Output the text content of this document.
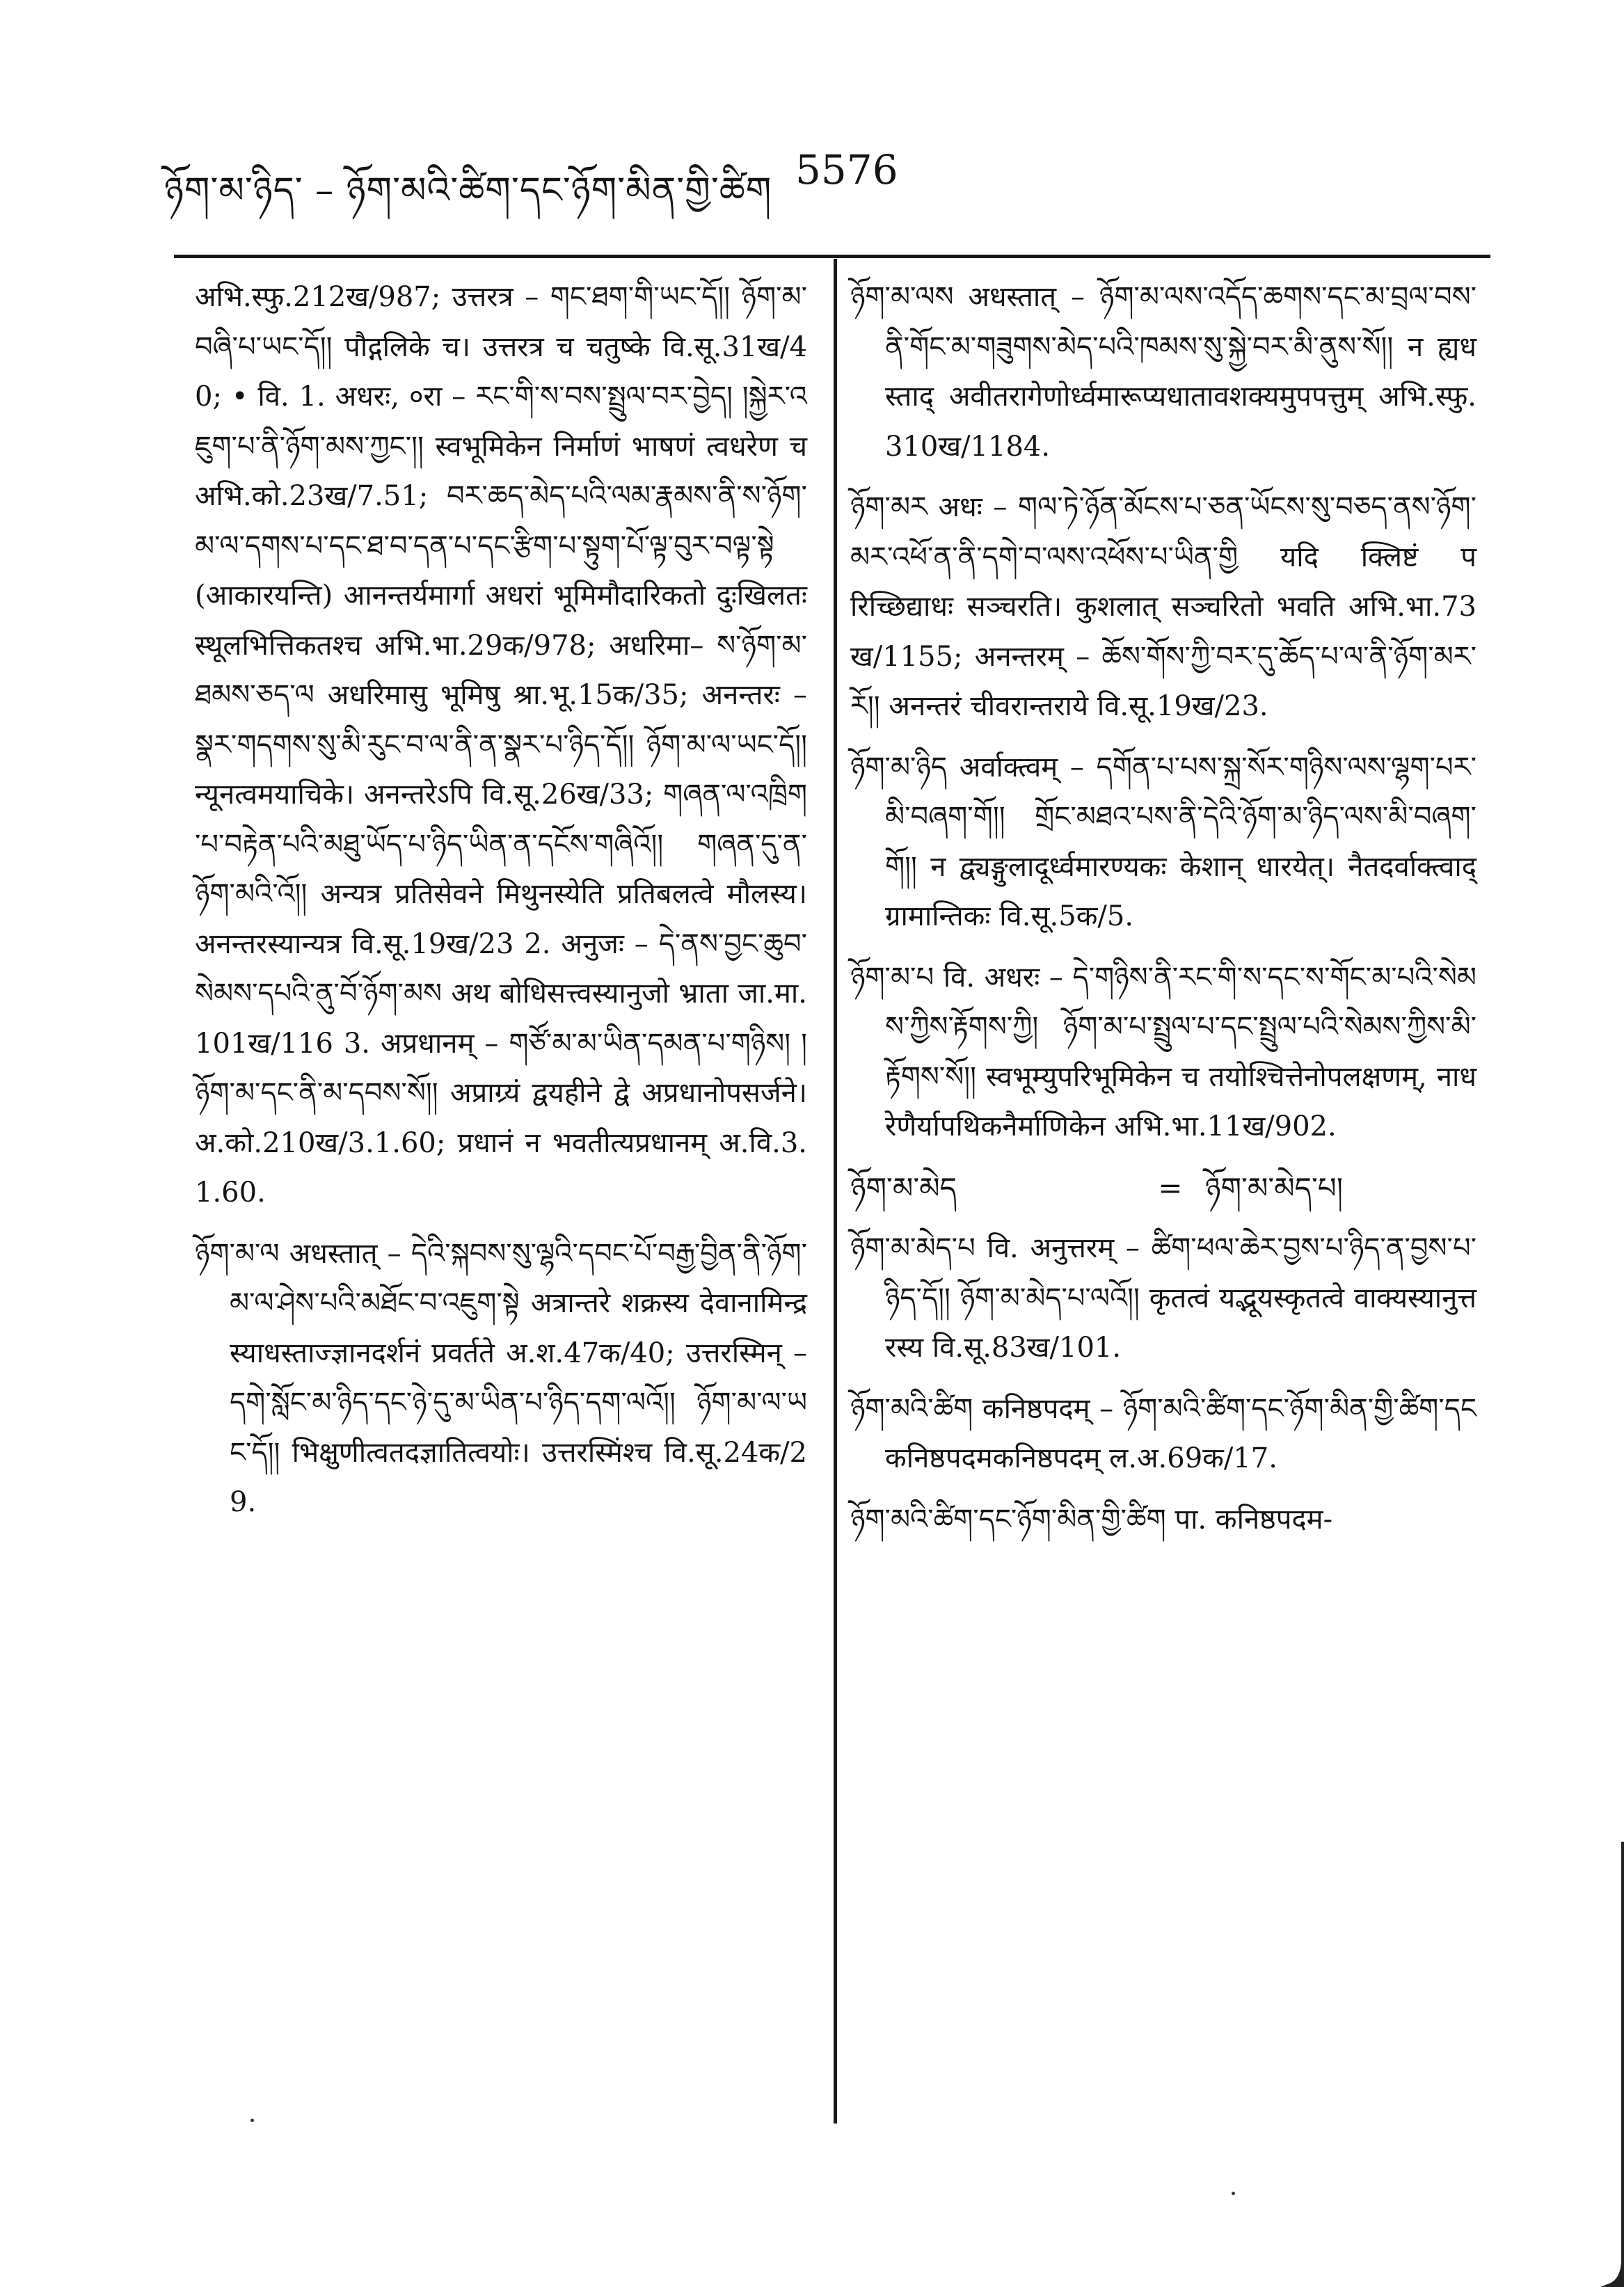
ཉོག་མ་ཉིད་ – ཉོག་མའི་ཚིག་དང་ཉོག་མིན་གྱི་ཚིག 5576

अभि.स्फु.212ख/987; उत्तरत्र – གང་ཐག་གི་ཡང་དོ།། ཉོག་མ་བཞི་པ་ཡང་དོ།། पौद्गलिके च। उत्तरत्र च चतुष्के वि.सू.31ख/40; • वि. 1. अधरः, ०रा – རང་གི་ས་བས་སྤྲུལ་བར་བྱེད། །སྐྱེར་འཇུག་པ་ནི་ཉོག་མས་ཀྱང་།། स्वभूमिकेन निर्माणं भाषणं त्वधरेण च अभि.को.23ख/7.51; བར་ཆད་མེད་པའི་ལམ་རྣམས་ནི་ས་ཉོག་མ་ལ་དགས་པ་དང་ཐ་བ་དན་པ་དང་རྩིག་པ་སྟུག་པོ་ལྟ་བུར་བལྟ་སྟེ (आकारयन्ति) आनन्तर्यमार्गा अधरां भूमिमौदारिकतो दुःखिलतः स्थूलभित्तिकतश्च अभि.भा.29क/978; अधरिमा– ས་ཉོག་མ་ཐམས་ཅད་ལ अधरिमासु भूमिषु श्रा.भू.15क/35; अनन्तरः – སྣར་གདགས་སུ་མི་རུང་བ་ལ་ནི་ན་སྣར་པ་ཉིད་དོ།། ཉོག་མ་ལ་ཡང་དོ།། न्यूनत्वमयाचिके। अनन्तरेऽपि वि.सू.26ख/33; གཞན་ལ་འཁྲིག་པ་བརྟེན་པའི་མཐུ་ཡོད་པ་ཉིད་ཡིན་ན་དངོས་གཞིའོ།། གཞན་དུ་ན་ཉོག་མའི་འོ།། अन्यत्र प्रतिसेवने मिथुनस्येति प्रतिबलत्वे मौलस्य। अनन्तरस्यान्यत्र वि.सू.19ख/23 2. अनुजः – དེ་ནས་བྱང་ཆུབ་སེམས་དཔའི་ནུ་བོ་ཉོག་མས अथ बोधिसत्त्वस्यानुजो भ्राता जा.मा.101ख/116 3. अप्रधानम् – གཙོ་མ་མ་ཡིན་དམན་པ་གཉིས། །ཉོག་མ་དང་ནི་མ་དབས་སོ།། अप्राग्र्यं द्वयहीने द्वे अप्रधानोपसर्जने। अ.को.210ख/3.1.60; प्रधानं न भवतीत्यप्रधानम् अ.वि.3.1.60.

ཉོག་མ་ལ अधस्तात् – དེའི་སྐབས་སུ་ལྷའི་དབང་པོ་བརྒྱ་བྱིན་ནི་ཉོག་མ་ལ་ཤེས་པའི་མཐོང་བ་འཇུག་སྟེ अत्रान्तरे शक्रस्य देवानामिन्द्रस्याधस्ताज्ज्ञानदर्शनं प्रवर्तते अ.श.47क/40; उत्तरस्मिन् – དགེ་སློང་མ་ཉིད་དང་ཉེ་དུ་མ་ཡིན་པ་ཉིད་དག་ལའོ།། ཉོག་མ་ལ་ཡང་དོ།། भिक्षुणीत्वतदज्ञातित्वयोः। उत्तरस्मिंश्च वि.सू.24क/29.

ཉོག་མ་ལས अधस्तात् – ཉོག་མ་ལས་འདོད་ཆགས་དང་མ་བྲལ་བས་ནི་གོང་མ་གཟུགས་མེད་པའི་ཁམས་སུ་སྐྱེ་བར་མི་ནུས་སོ།། न ह्यधस्ताद् अवीतरागेणोर्ध्वमारूप्यधातावशक्यमुपपत्तुम् अभि.स्फु.310ख/1184.

ཉོག་མར अधः – གལ་ཏེ་ཉོན་མོངས་པ་ཅན་ཡོངས་སུ་བཅད་ནས་ཉོག་མར་འཕོ་ན་ནི་དགེ་བ་ལས་འཕོས་པ་ཡིན་གྱི यदि क्लिष्टं परिच्छिद्याधः सञ्चरति। कुशलात् सञ्चरितो भवति अभि.भा.73ख/1155; अनन्तरम् – ཆོས་གོས་ཀྱི་བར་དུ་ཆོད་པ་ལ་ནི་ཉོག་མར་རོ།། अनन्तरं चीवरान्तराये वि.सू.19ख/23.

ཉོག་མ་ཉིད अर्वाक्त्वम् – དགོན་པ་པས་སྐྲ་སོར་གཉིས་ལས་ལྷག་པར་མི་བཞག་གོ།། གྲོང་མཐའ་པས་ནི་དེའི་ཉོག་མ་ཉིད་ལས་མི་བཞག་གོ།། न द्व्यङ्गुलादूर्ध्वमारण्यकः केशान् धारयेत्। नैतदर्वाक्त्वाद् ग्रामान्तिकः वि.सू.5क/5.

ཉོག་མ་པ वि. अधरः – དེ་གཉིས་ནི་རང་གི་ས་དང་ས་གོང་མ་པའི་སེམས་ཀྱིས་རྟོགས་ཀྱི། ཉོག་མ་པ་སྤྲུལ་པ་དང་སྤྲུལ་པའི་སེམས་ཀྱིས་མི་རྟོགས་སོ།། स्वभूम्युपरिभूमिकेन च तयोश्चित्तेनोपलक्षणम्, नाधरेणैर्यापथिकनैर्माणिकेन अभि.भा.11ख/902.

ཉོག་མ་མེད	= ཉོག་མ་མེད་པ།

ཉོག་མ་མེད་པ वि. अनुत्तरम् – ཚིག་ཕལ་ཆེར་བྱས་པ་ཉིད་ན་བྱས་པ་ཉིད་དོ།། ཉོག་མ་མེད་པ་ལའོ།། कृतत्वं यद्भूयस्कृतत्वे वाक्यस्यानुत्तरस्य वि.सू.83ख/101.

ཉོག་མའི་ཚིག कनिष्ठपदम् – ཉོག་མའི་ཚིག་དང་ཉོག་མིན་གྱི་ཚིག་དང कनिष्ठपदमकनिष्ठपदम् ल.अ.69क/17.

ཉོག་མའི་ཚིག་དང་ཉོག་མིན་གྱི་ཚིག पा. कनिष्ठपदम-
